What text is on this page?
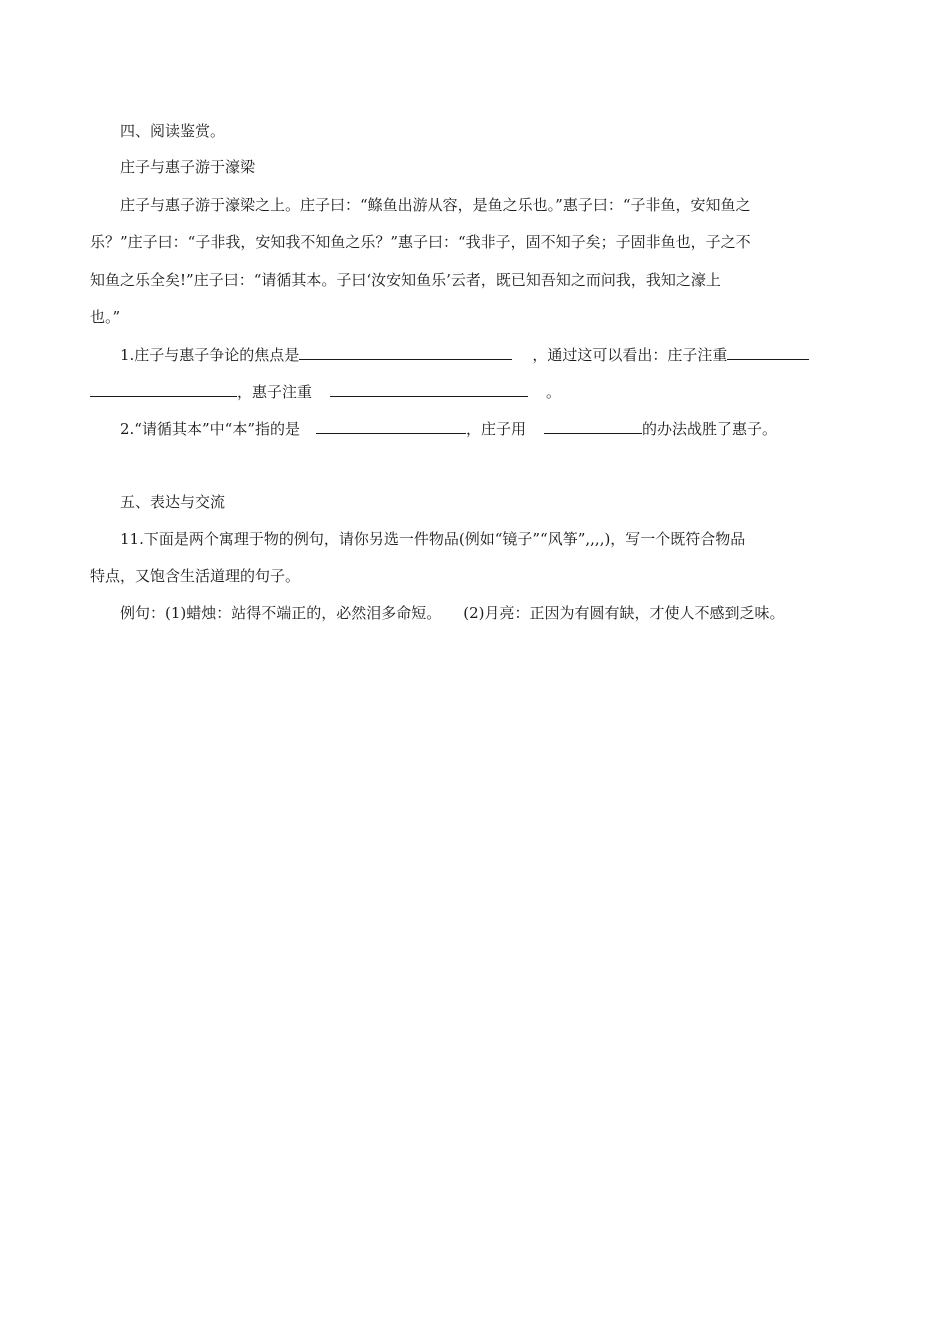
四、阅读鉴赏。
庄子与惠子游于濠梁
庄子与惠子游于濠梁之上。庄子曰：“鲦鱼出游从容，是鱼之乐也。”惠子曰：“子非鱼，安知鱼之
乐？”庄子曰：“子非我，安知我不知鱼之乐？”惠子曰：“我非子，固不知子矣；子固非鱼也，子之不
知鱼之乐全矣!”庄子曰：“请循其本。子曰‘汝安知鱼乐’云者，既已知吾知之而问我，我知之濠上
也。”
1.庄子与惠子争论的焦点是	，通过这可以看出：庄子注重
，惠子注重	。
2.“请循其本”中“本”指的是	，庄子用	的办法战胜了惠子。
五、表达与交流
11.下面是两个寓理于物的例句，请你另选一件物品(例如“镜子”“风筝”,,,,)，写一个既符合物品
特点，又饱含生活道理的句子。
例句：(1)蜡烛：站得不端正的，必然泪多命短。 (2)月亮：正因为有圆有缺，才使人不感到乏味。
